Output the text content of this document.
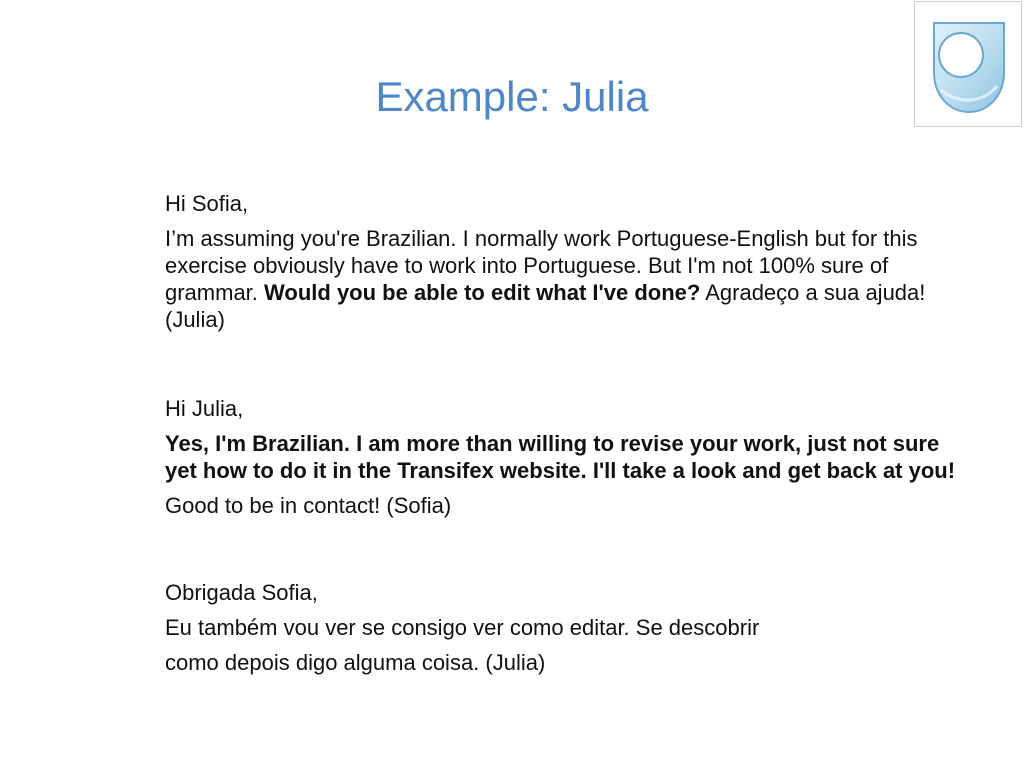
Example: Julia

Hi Sofia,

I’m assuming you're Brazilian. I normally work Portuguese-English but for this exercise obviously have to work into Portuguese. But I'm not 100% sure of grammar. Would you be able to edit what I've done? Agradeço a sua ajuda! (Julia)

Hi Julia,

Yes, I'm Brazilian. I am more than willing to revise your work, just not sure yet how to do it in the Transifex website. I'll take a look and get back at you!

Good to be in contact! (Sofia)

Obrigada Sofia,

Eu também vou ver se consigo ver como editar. Se descobrir

como depois digo alguma coisa. (Julia)
